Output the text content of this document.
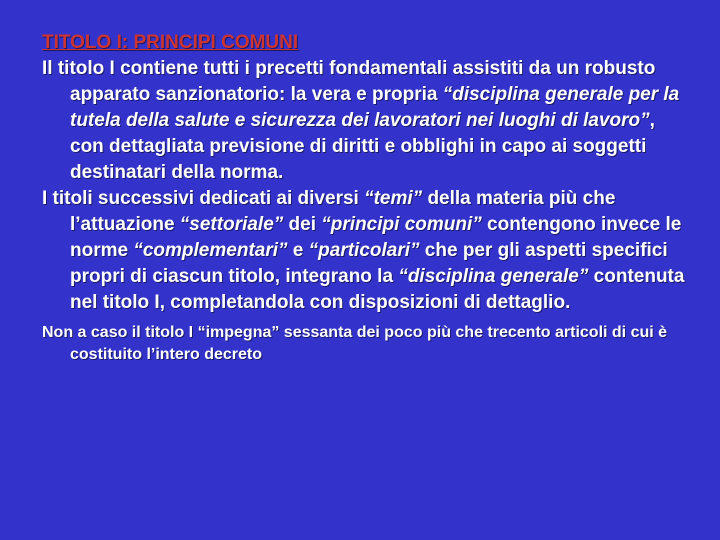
TITOLO I: PRINCIPI COMUNI

Il titolo I contiene tutti i precetti fondamentali assistiti da un robusto apparato sanzionatorio: la vera e propria “disciplina generale per la tutela della salute e sicurezza dei lavoratori nei luoghi di lavoro”, con dettagliata previsione di diritti e obblighi in capo ai soggetti destinatari della norma.

I titoli successivi dedicati ai diversi “temi” della materia più che l’attuazione “settoriale” dei “principi comuni” contengono invece le norme “complementari” e “particolari” che per gli aspetti specifici propri di ciascun titolo, integrano la “disciplina generale” contenuta nel titolo I, completandola con disposizioni di dettaglio.

Non a caso il titolo I “impegna” sessanta dei poco più che trecento articoli di cui è costituito l’intero decreto
